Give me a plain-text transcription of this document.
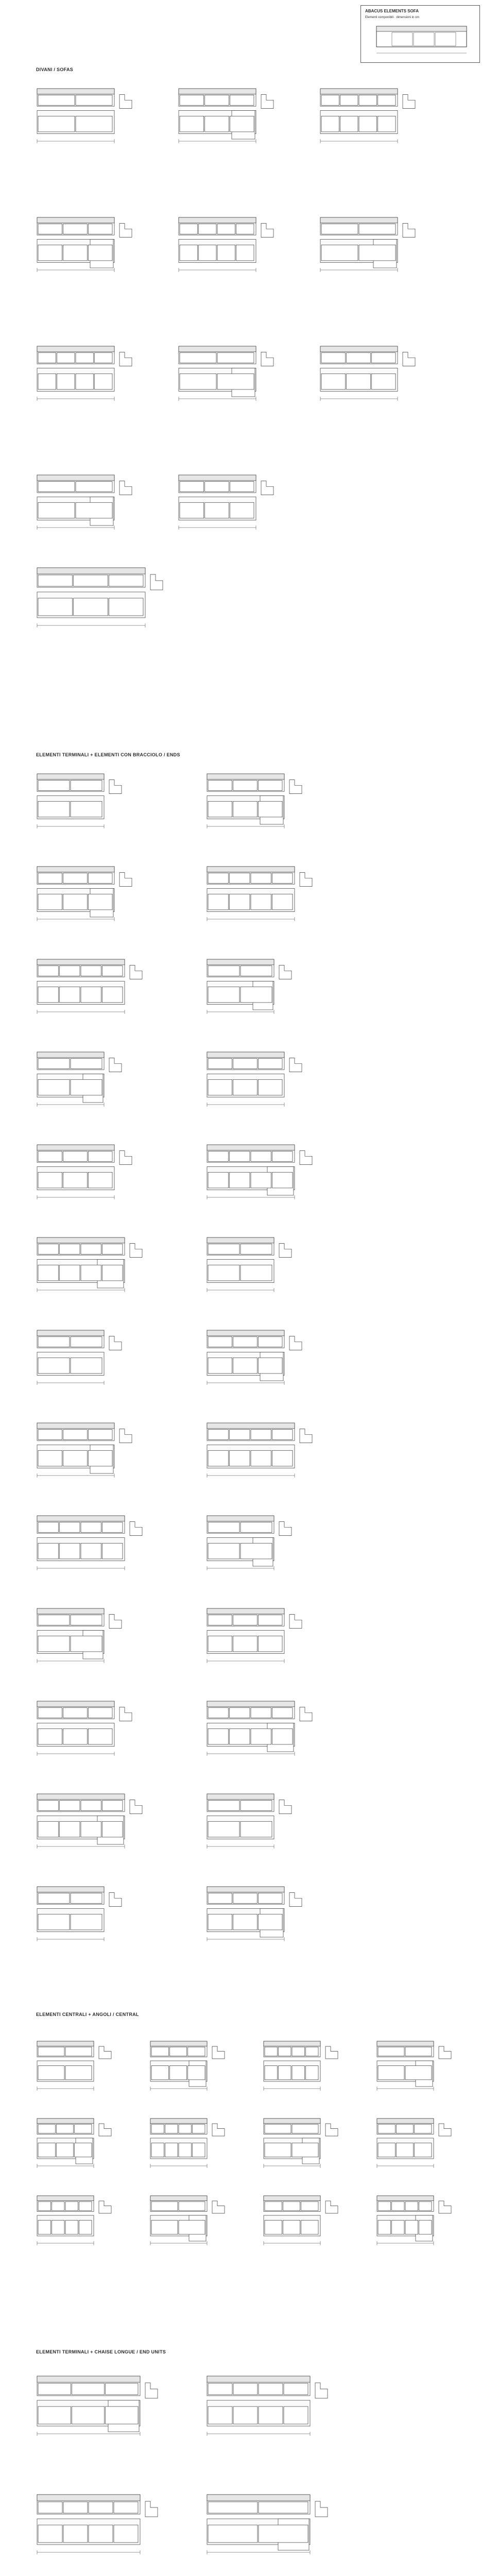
ABACUS ELEMENTS SOFA
Elementi componibili · dimensioni in cm
DIVANI / SOFAS
ELEMENTI TERMINALI + ELEMENTI CON BRACCIOLO / ENDS
ELEMENTI CENTRALI + ANGOLI / CENTRAL
ELEMENTI TERMINALI + CHAISE LONGUE / END UNITS
